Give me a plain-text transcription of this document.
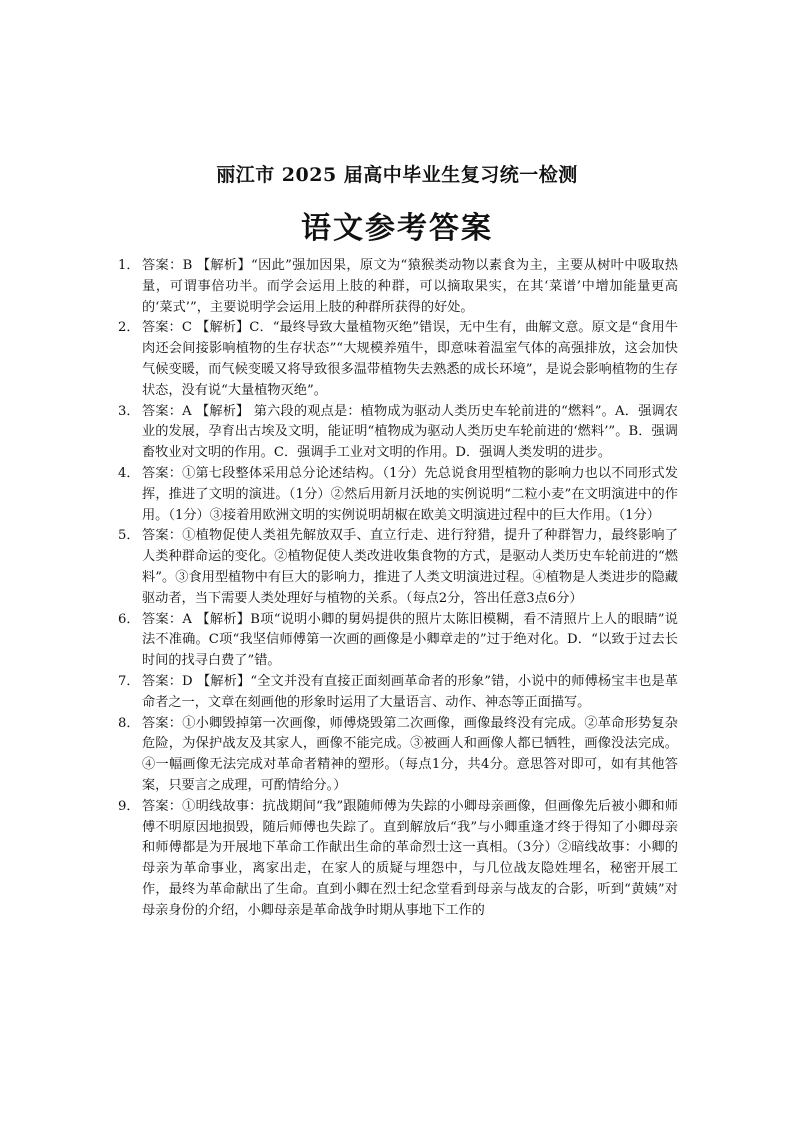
丽江市 2025 届高中毕业生复习统一检测
语文参考答案
1． 答案：B 【解析】“因此”强加因果，原文为“猿猴类动物以素食为主，主要从树叶中吸取热量，可谓事倍功半。而学会运用上肢的种群，可以摘取果实，在其‘菜谱’中增加能量更高的‘菜式’”，主要说明学会运用上肢的种群所获得的好处。
2． 答案：C 【解析】C．“最终导致大量植物灭绝”错误，无中生有，曲解文意。原文是“食用牛肉还会间接影响植物的生存状态”“大规模养殖牛，即意味着温室气体的高强排放，这会加快气候变暖，而气候变暖又将导致很多温带植物失去熟悉的成长环境”，是说会影响植物的生存状态，没有说“大量植物灭绝”。
3． 答案：A 【解析】 第六段的观点是：植物成为驱动人类历史车轮前进的“燃料”。A．强调农业的发展，孕育出古埃及文明，能证明“植物成为驱动人类历史车轮前进的‘燃料’”。B．强调畜牧业对文明的作用。C．强调手工业对文明的作用。D．强调人类发明的进步。
4． 答案：①第七段整体采用总分论述结构。（1分）先总说食用型植物的影响力也以不同形式发挥，推进了文明的演进。（1分）②然后用新月沃地的实例说明“二粒小麦”在文明演进中的作用。（1分）③接着用欧洲文明的实例说明胡椒在欧美文明演进过程中的巨大作用。（1分）
5． 答案：①植物促使人类祖先解放双手、直立行走、进行狩猎，提升了种群智力，最终影响了人类种群命运的变化。②植物促使人类改进收集食物的方式，是驱动人类历史车轮前进的“燃料”。③食用型植物中有巨大的影响力，推进了人类文明演进过程。④植物是人类进步的隐藏驱动者，当下需要人类处理好与植物的关系。（每点2分，答出任意3点6分）
6． 答案：A 【解析】B项“说明小卿的舅妈提供的照片太陈旧模糊，看不清照片上人的眼睛”说法不准确。C项“我坚信师傅第一次画的画像是小卿章走的”过于绝对化。D．“以致于过去长时间的找寻白费了”错。
7． 答案：D 【解析】“全文并没有直接正面刻画革命者的形象”错，小说中的师傅杨宝丰也是革命者之一，文章在刻画他的形象时运用了大量语言、动作、神态等正面描写。
8． 答案：①小卿毁掉第一次画像，师傅烧毁第二次画像，画像最终没有完成。②革命形势复杂危险，为保护战友及其家人，画像不能完成。③被画人和画像人都已牺牲，画像没法完成。④一幅画像无法完成对革命者精神的塑形。（每点1分，共4分。意思答对即可，如有其他答案，只要言之成理，可酌情给分。）
9． 答案：①明线故事：抗战期间“我”跟随师傅为失踪的小卿母亲画像，但画像先后被小卿和师傅不明原因地损毁，随后师傅也失踪了。直到解放后“我”与小卿重逢才终于得知了小卿母亲和师傅都是为开展地下革命工作献出生命的革命烈士这一真相。（3分）②暗线故事：小卿的母亲为革命事业，离家出走，在家人的质疑与埋怨中，与几位战友隐姓埋名，秘密开展工作，最终为革命献出了生命。直到小卿在烈士纪念堂看到母亲与战友的合影，听到“黄姨”对母亲身份的介绍，小卿母亲是革命战争时期从事地下工作的
